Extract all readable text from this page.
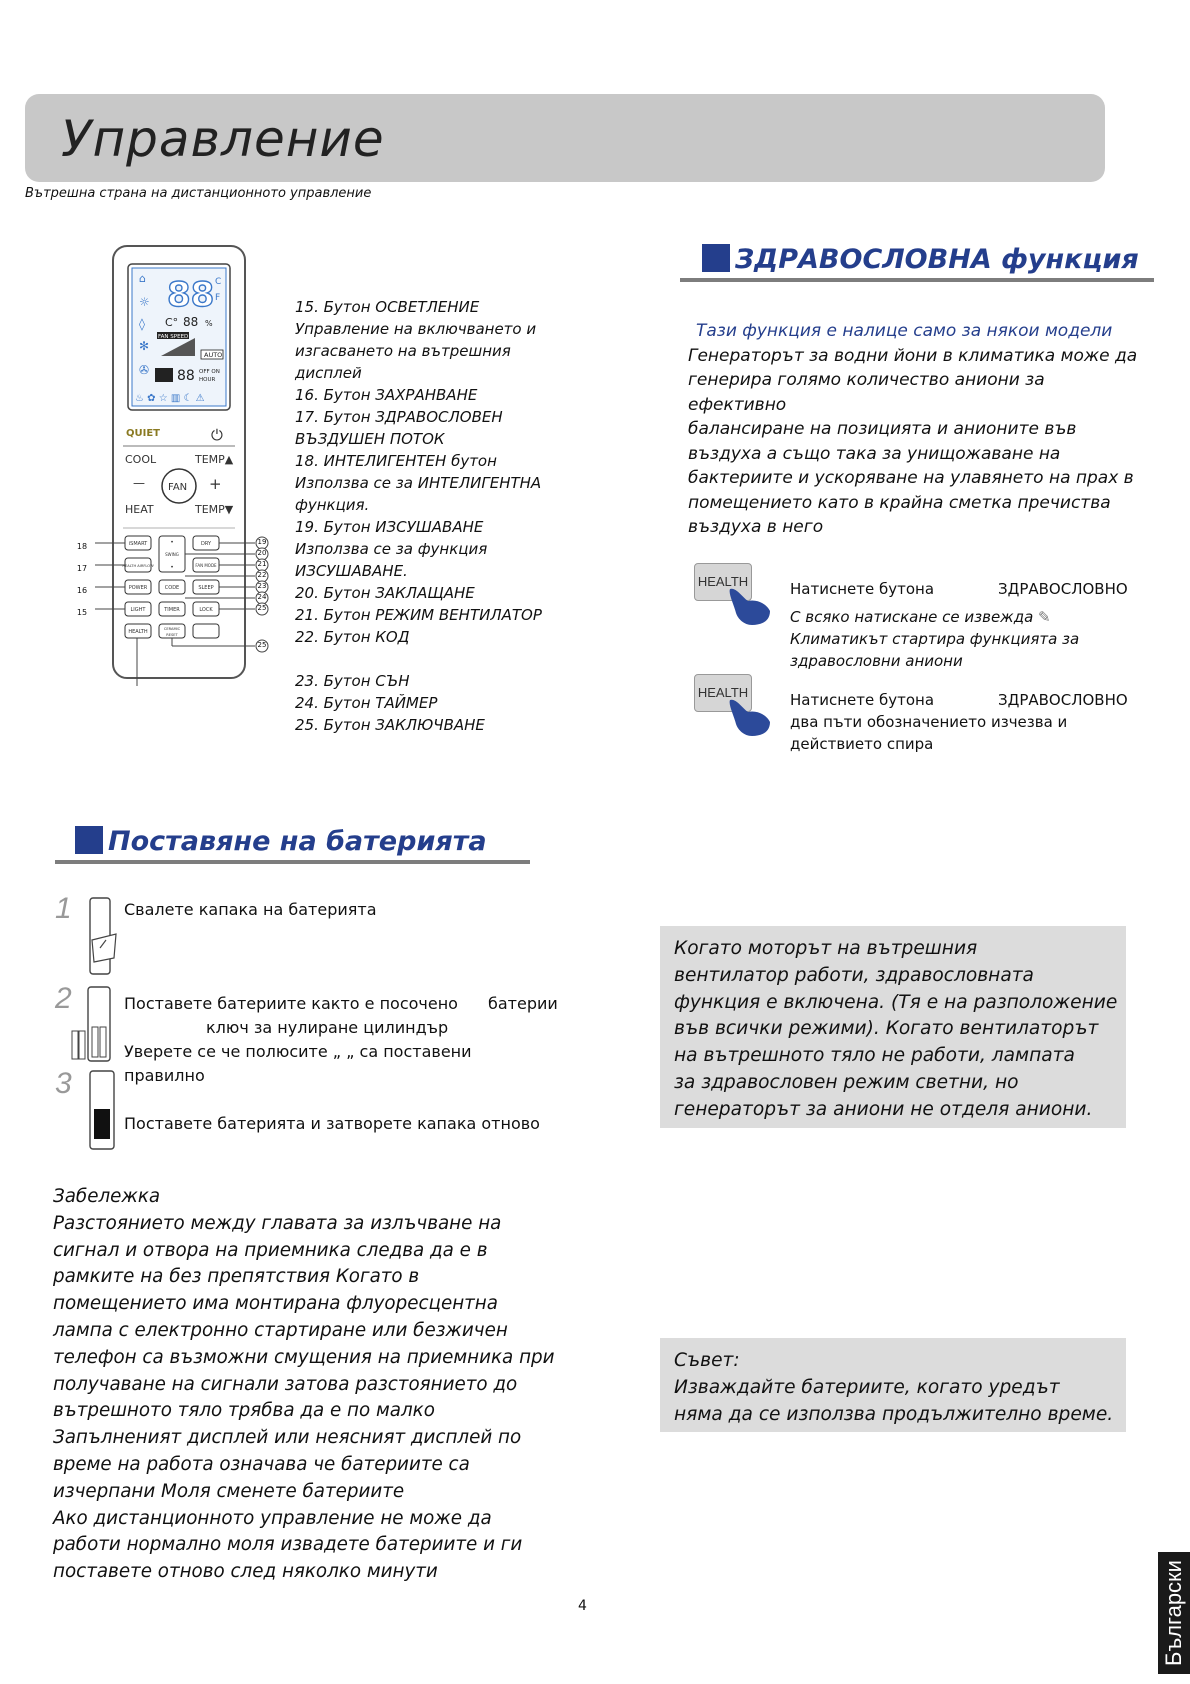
Управление
Вътрешна страна на дистанционното управление
⌂ 88 C
F
☼
◊
✻
✇
C° 88 %
FAN SPEED
AUTO
88 OFF ON
HOUR
♨ ✿ ☆ ▥ ☾ ⚠
QUIET	⏻
COOL	TEMP▲
HEAT	TEMP▼
—	+
FAN
iSMART
HEALTH AIRFLOW
POWER
LIGHT
HEALTH
•
SWING
•
CODE
TIMER
CERAMIC
RESET
DRY
FAN MODE
SLEEP
LOCK
18
17
16
15
19
20
21
22
23
24
25
25
15. Бутон ОСВЕТЛЕНИЕ
Управление на включването и
изгасването на вътрешния
дисплей
16. Бутон ЗАХРАНВАНЕ
17. Бутон ЗДРАВОСЛОВЕН
ВЪЗДУШЕН ПОТОК
18. ИНТЕЛИГЕНТЕН бутон
Използва се за ИНТЕЛИГЕНТНА
функция.
19. Бутон ИЗСУШАВАНЕ
Използва се за функция
ИЗСУШАВАНЕ.
20. Бутон ЗАКЛАЩАНЕ
21. Бутон РЕЖИМ ВЕНТИЛАТОР
22. Бутон КОД
23. Бутон СЪН
24. Бутон ТАЙМЕР
25. Бутон ЗАКЛЮЧВАНЕ
ЗДРАВОСЛОВНА функция
Тази функция е налице само за някои модели
Генераторът за водни йони в климатика може да
генерира голямо количество аниони за ефективно
балансиране на позицията и анионите във
въздуха а също така за унищожаване на
бактериите и ускоряване на улавянето на прах в
помещението като в крайна сметка пречиства
въздуха в него
HEALTH
HEALTH
Натиснете бутона	ЗДРАВОСЛОВНО
С всяко натискане се извежда ✎
Климатикът стартира функцията за
здравословни аниони
Натиснете бутона	ЗДРАВОСЛОВНО
два пъти обозначението изчезва и
действието спира
Поставяне на батерията
1
2
3
Свалете капака на батерията
Поставете батериите както е посочено батерии
ключ за нулиране цилиндър
Уверете се че полюсите „ „ са поставени
правилно
Поставете батерията и затворете капака отново
Забележка
Разстоянието между главата за излъчване на
сигнал и отвора на приемника следва да е в
рамките на без препятствия Когато в
помещението има монтирана флуоресцентна
лампа с електронно стартиране или безжичен
телефон са възможни смущения на приемника при
получаване на сигнали затова разстоянието до
вътрешното тяло трябва да е по малко
Запълненият дисплей или неясният дисплей по
време на работа означава че батериите са
изчерпани Моля сменете батериите
Ако дистанционното управление не може да
работи нормално моля извадете батериите и ги
поставете отново след няколко минути
Когато моторът на вътрешния
вентилатор работи, здравословната
функция е включена. (Тя е на разположение
във всички режими). Когато вентилаторът
на вътрешното тяло не работи, лампата
за здравословен режим светни, но
генераторът за аниони не отделя аниони.
Съвет:
Изваждайте батериите, когато уредът
няма да се използва продължително време.
4	Български
